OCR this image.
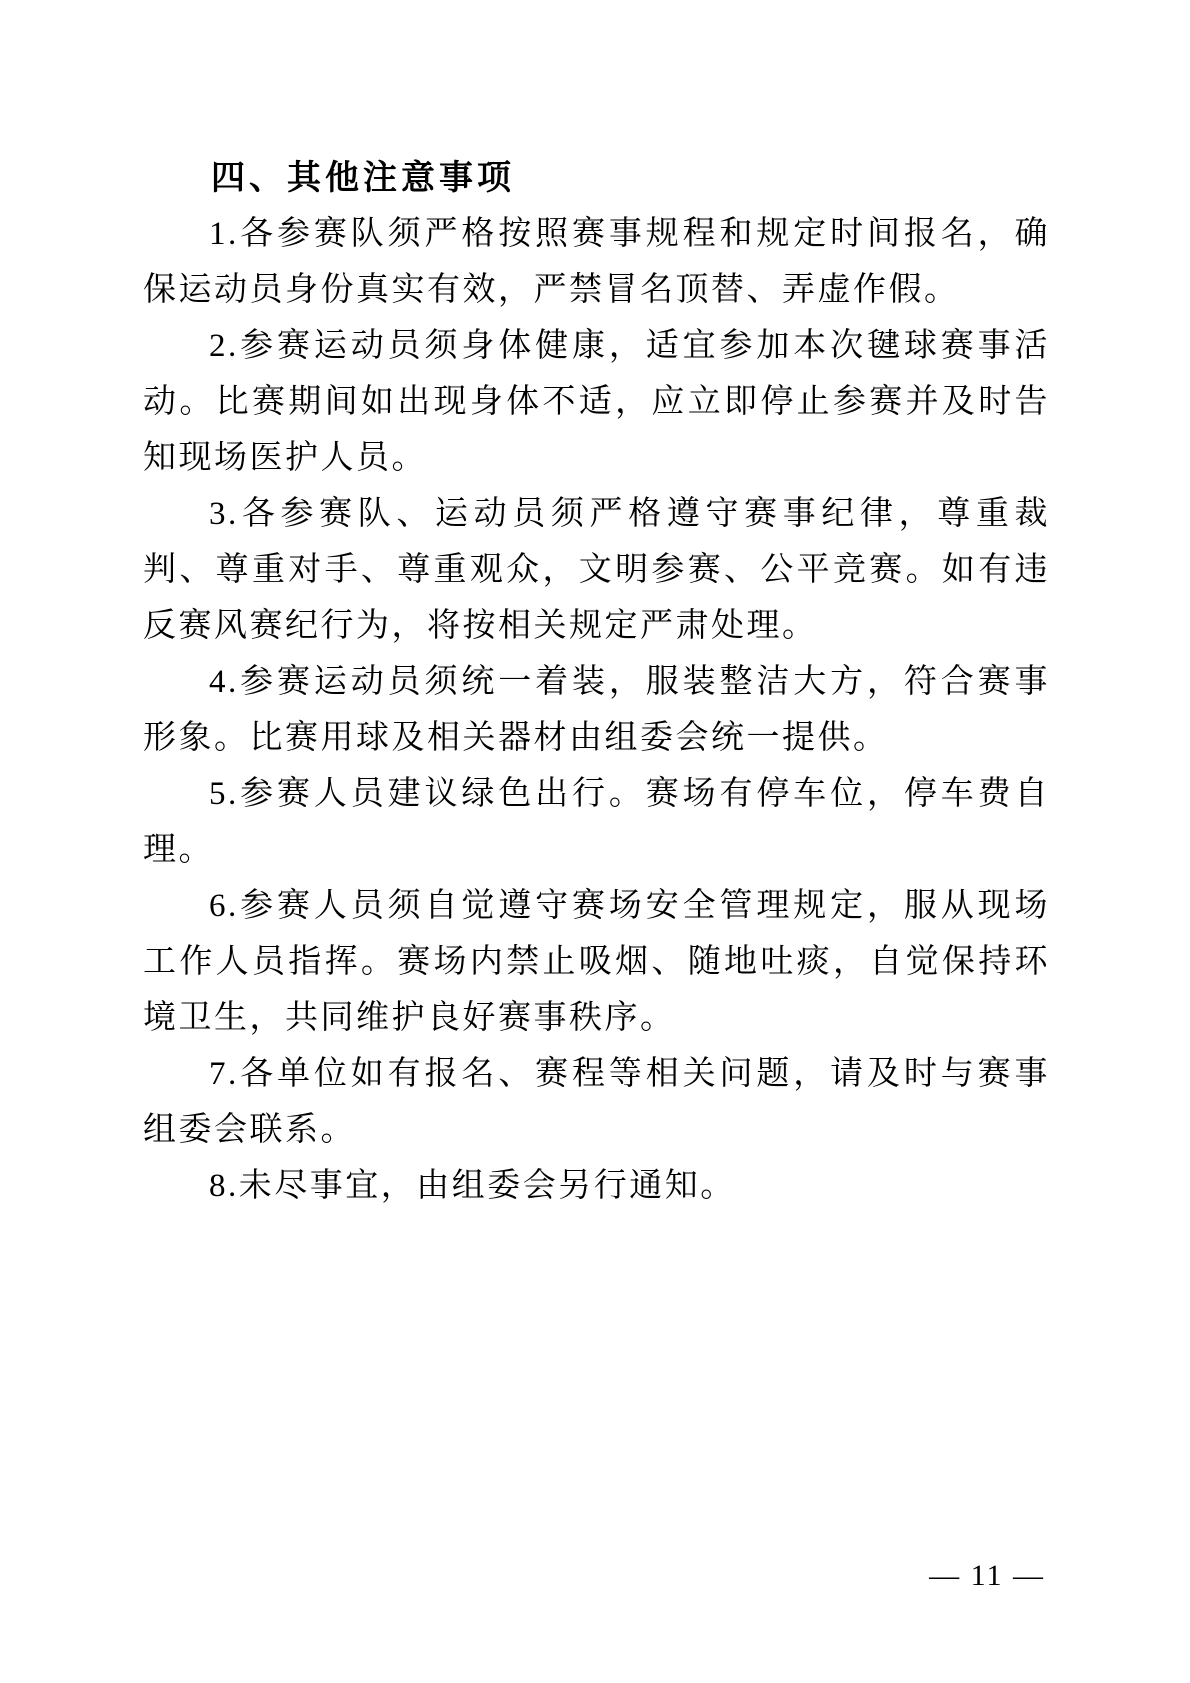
四、其他注意事项

1.各参赛队须严格按照赛事规程和规定时间报名，确保运动员身份真实有效，严禁冒名顶替、弄虚作假。

2.参赛运动员须身体健康，适宜参加本次毽球赛事活动。比赛期间如出现身体不适，应立即停止参赛并及时告知现场医护人员。

3.各参赛队、运动员须严格遵守赛事纪律，尊重裁判、尊重对手、尊重观众，文明参赛、公平竞赛。如有违反赛风赛纪行为，将按相关规定严肃处理。

4.参赛运动员须统一着装，服装整洁大方，符合赛事形象。比赛用球及相关器材由组委会统一提供。

5.参赛人员建议绿色出行。赛场有停车位，停车费自理。

6.参赛人员须自觉遵守赛场安全管理规定，服从现场工作人员指挥。赛场内禁止吸烟、随地吐痰，自觉保持环境卫生，共同维护良好赛事秩序。

7.各单位如有报名、赛程等相关问题，请及时与赛事组委会联系。

8.未尽事宜，由组委会另行通知。

— 11 —
